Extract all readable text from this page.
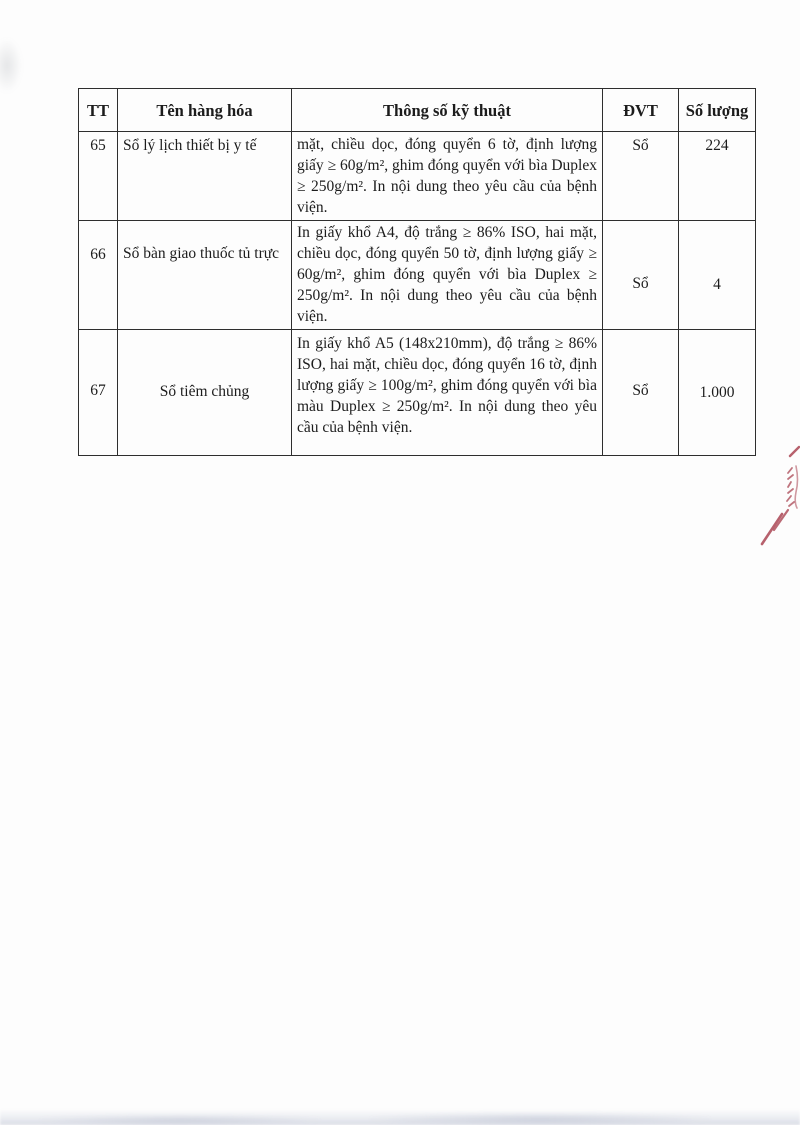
TT	Tên hàng hóa	Thông số kỹ thuật	ĐVT	Số lượng
65	Sổ lý lịch thiết bị y tế	mặt, chiều dọc, đóng quyển 6 tờ, định lượng giấy ≥ 60g/m², ghim đóng quyển với bìa Duplex ≥ 250g/m². In nội dung theo yêu cầu của bệnh viện.	Sổ	224
66	Sổ bàn giao thuốc tủ trực	In giấy khổ A4, độ trắng ≥ 86% ISO, hai mặt, chiều dọc, đóng quyển 50 tờ, định lượng giấy ≥ 60g/m², ghim đóng quyển với bìa Duplex ≥ 250g/m². In nội dung theo yêu cầu của bệnh viện.	Sổ	4
67	Sổ tiêm chủng	In giấy khổ A5 (148x210mm), độ trắng ≥ 86% ISO, hai mặt, chiều dọc, đóng quyển 16 tờ, định lượng giấy ≥ 100g/m², ghim đóng quyển với bìa màu Duplex ≥ 250g/m². In nội dung theo yêu cầu của bệnh viện.	Sổ	1.000
